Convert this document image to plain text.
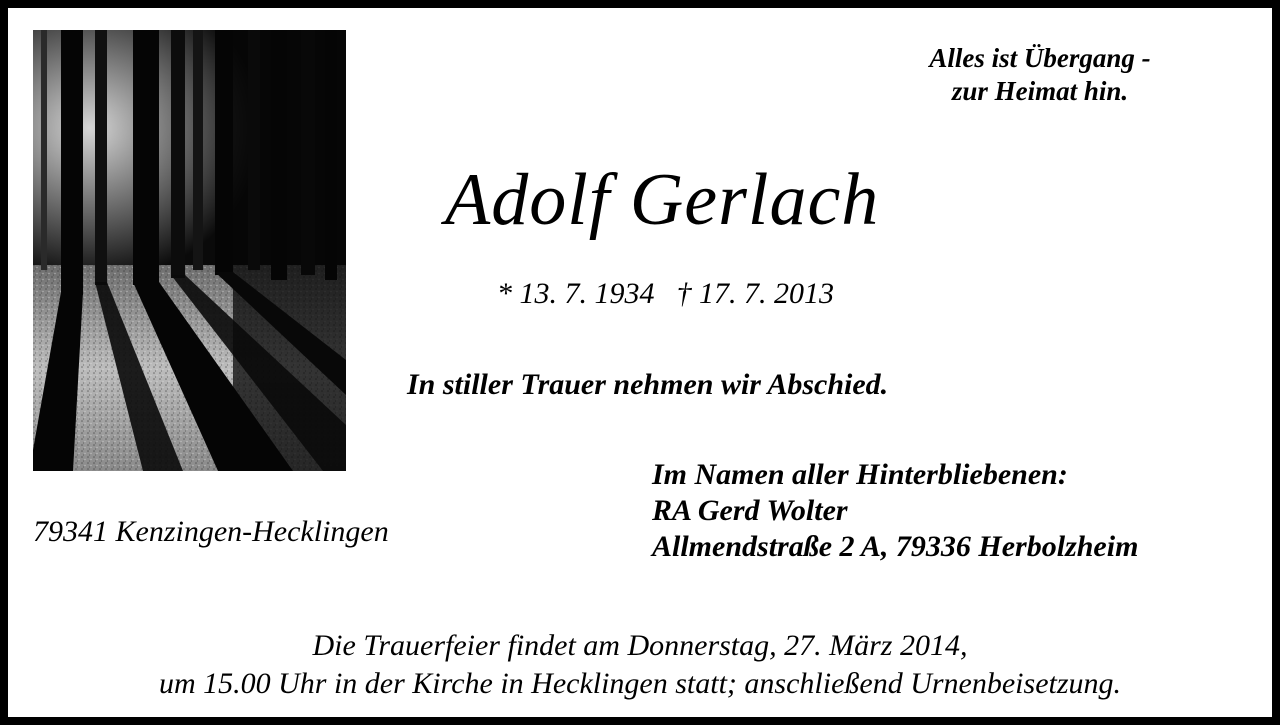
Alles ist Übergang -
zur Heimat hin.

Adolf Gerlach

* 13. 7. 1934 † 17. 7. 2013

In stiller Trauer nehmen wir Abschied.

79341 Kenzingen-Hecklingen

Im Namen aller Hinterbliebenen:
RA Gerd Wolter
Allmendstraße 2 A, 79336 Herbolzheim

Die Trauerfeier findet am Donnerstag, 27. März 2014,
um 15.00 Uhr in der Kirche in Hecklingen statt; anschließend Urnenbeisetzung.
